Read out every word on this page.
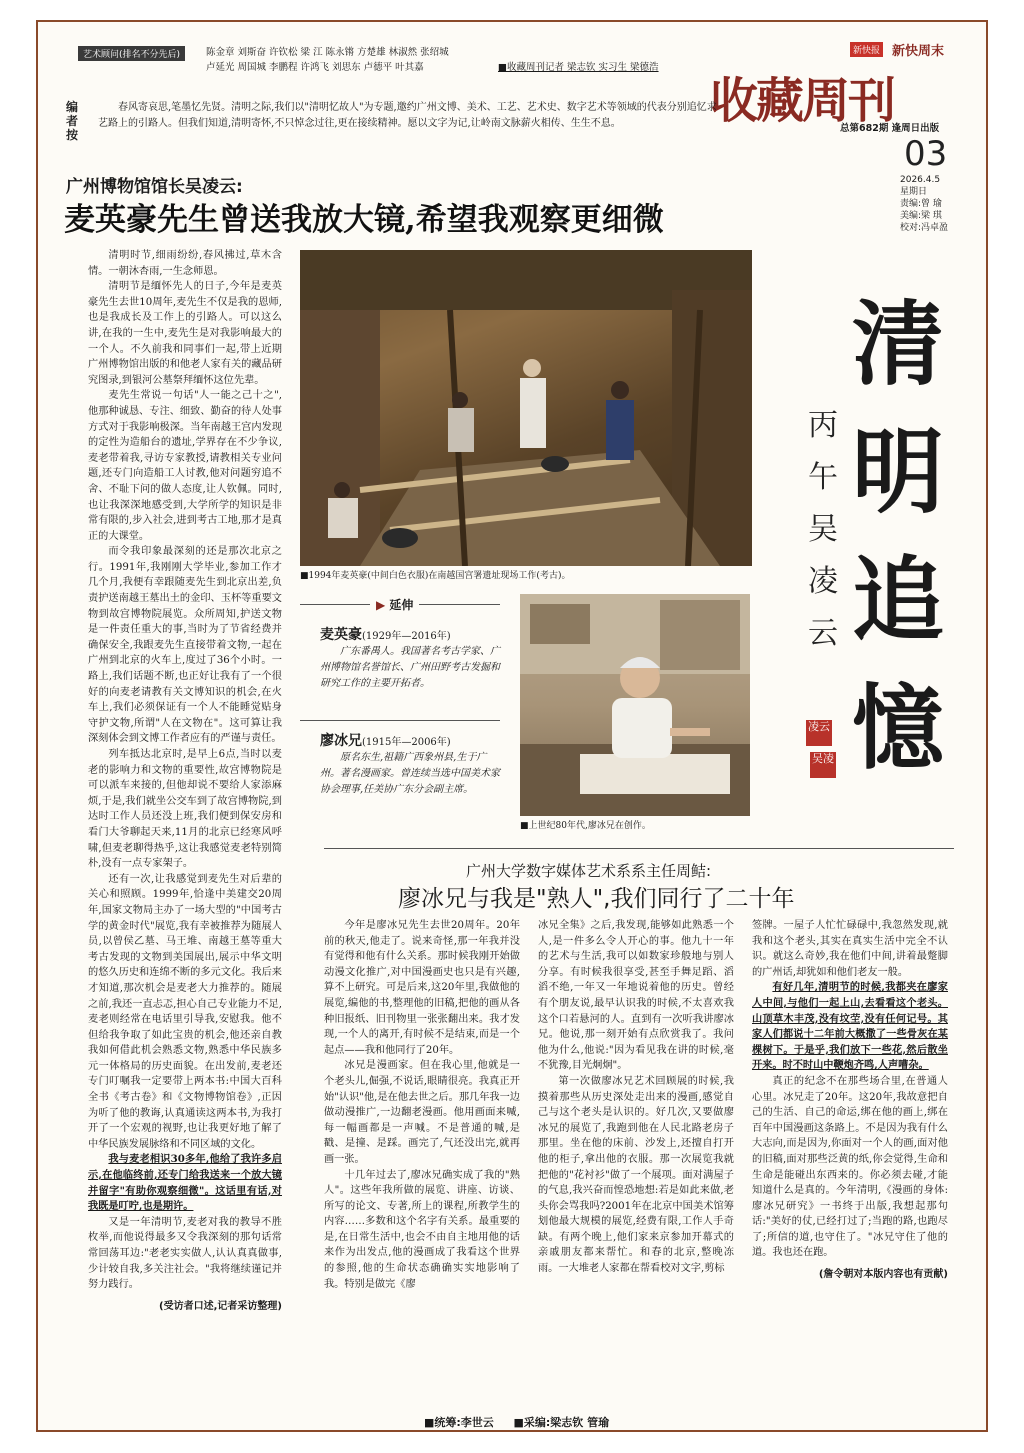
艺术顾问(排名不分先后)	陈金章 刘斯奋 许钦松 梁 江 陈永锵 方楚雄 林淑然 张绍城
卢延光 周国城 李鹏程 许鸿飞 刘思东 卢德平 叶其嘉	■收藏周刊记者 梁志钦 实习生 梁德浩
收藏周刊
新快报 新快周末
总第682期 逢周日出版
03
2026.4.5
星期日
责编:曾 瑜
美编:梁 琪
校对:冯卓盈
编者按
春风寄哀思,笔墨忆先贤。清明之际,我们以"清明忆故人"为专题,邀约广州文博、美术、工艺、艺术史、数字艺术等领域的代表分别追忆求艺路上的引路人。但我们知道,清明寄怀,不只悼念过往,更在接续精神。愿以文字为记,让岭南文脉薪火相传、生生不息。
广州博物馆馆长吴凌云:
麦英豪先生曾送我放大镜,希望我观察更细微

清明时节,细雨纷纷,春风拂过,草木含情。一朝沐杏雨,一生念师恩。

清明节是缅怀先人的日子,今年是麦英豪先生去世10周年,麦先生不仅是我的恩师,也是我成长及工作上的引路人。可以这么讲,在我的一生中,麦先生是对我影响最大的一个人。不久前我和同事们一起,带上近期广州博物馆出版的和他老人家有关的藏品研究图录,到银河公墓祭拜缅怀这位先辈。

麦先生常说一句话"人一能之己十之",他那种诚恳、专注、细致、勤奋的待人处事方式对于我影响极深。当年南越王宫内发现的定性为造船台的遗址,学界存在不少争议,麦老带着我,寻访专家教授,请教相关专业问题,还专门向造船工人讨教,他对问题穷追不舍、不耻下问的做人态度,让人钦佩。同时,也让我深深地感受到,大学所学的知识是非常有限的,步入社会,进到考古工地,那才是真正的大课堂。

而令我印象最深刻的还是那次北京之行。1991年,我刚刚大学毕业,参加工作才几个月,我便有幸跟随麦先生到北京出差,负责护送南越王墓出土的金印、玉杯等重要文物到故宫博物院展览。众所周知,护送文物是一件责任重大的事,当时为了节省经费并确保安全,我跟麦先生直接带着文物,一起在广州到北京的火车上,度过了36个小时。一路上,我们话题不断,也正好让我有了一个很好的向麦老请教有关文博知识的机会,在火车上,我们必须保证有一个人不能睡觉贴身守护文物,所谓"人在文物在"。这可算让我深刻体会到文博工作者应有的严谨与责任。

列车抵达北京时,是早上6点,当时以麦老的影响力和文物的重要性,故宫博物院是可以派车来接的,但他却说不要给人家添麻烦,于是,我们就坐公交车到了故宫博物院,到达时工作人员还没上班,我们便到保安房和看门大爷聊起天来,11月的北京已经寒风呼啸,但麦老聊得热乎,这让我感觉麦老特别简朴,没有一点专家架子。

还有一次,让我感觉到麦先生对后辈的关心和照顾。1999年,恰逢中美建交20周年,国家文物局主办了一场大型的"中国考古学的黄金时代"展览,我有幸被推荐为随展人员,以曾侯乙墓、马王堆、南越王墓等重大考古发现的文物到美国展出,展示中华文明的悠久历史和连绵不断的多元文化。我后来才知道,那次机会是麦老大力推荐的。随展之前,我还一直忐忑,担心自己专业能力不足,麦老则经常在电话里引导我,安慰我。他不但给我争取了如此宝贵的机会,他还亲自教我如何借此机会熟悉文物,熟悉中华民族多元一体格局的历史面貌。在出发前,麦老还专门叮嘱我一定要带上两本书:中国大百科全书《考古卷》和《文物博物馆卷》,正因为听了他的教诲,认真通读这两本书,为我打开了一个宏观的视野,也让我更好地了解了中华民族发展脉络和不同区域的文化。

我与麦老相识30多年,他给了我许多启示,在他临终前,还专门给我送来一个放大镜并留字"有助你观察细微"。这话里有话,对我既是叮咛,也是期许。

又是一年清明节,麦老对我的教导不胜枚举,而他说得最多又令我深刻的那句话常常回荡耳边:"老老实实做人,认认真真做事,少计较自我,多关注社会。"我将继续谨记并努力践行。

(受访者口述,记者采访整理)
■1994年麦英豪(中间白色衣服)在南越国宫署遗址现场工作(考古)。
▶ 延伸
麦英豪(1929年—2016年)
广东番禺人。我国著名考古学家、广州博物馆名誉馆长、广州田野考古发掘和研究工作的主要开拓者。
廖冰兄(1915年—2006年)
原名东生,祖籍广西象州县,生于广州。著名漫画家。曾连续当选中国美术家协会理事,任美协广东分会副主席。
■上世纪80年代,廖冰兄在创作。
清
明
追
憶
丙午吴凌云
凌云
吴凌
广州大学数字媒体艺术系系主任周鲒:
廖冰兄与我是"熟人",我们同行了二十年

今年是廖冰兄先生去世20周年。20年前的秋天,他走了。说来奇怪,那一年我并没有觉得和他有什么关系。那时候我刚开始做动漫文化推广,对中国漫画史也只是有兴趣,算不上研究。可是后来,这20年里,我做他的展览,编他的书,整理他的旧稿,把他的画从各种旧报纸、旧刊物里一张张翻出来。我才发现,一个人的离开,有时候不是结束,而是一个起点——我和他同行了20年。

冰兄是漫画家。但在我心里,他就是一个老头儿,倔强,不说话,眼睛很亮。我真正开始"认识"他,是在他去世之后。那几年我一边做动漫推广,一边翻老漫画。他用画面来喊,每一幅画都是一声喊。不是普通的喊,是戳、是撞、是踩。画完了,气还没出完,就再画一张。

十几年过去了,廖冰兄确实成了我的"熟人"。这些年我所做的展览、讲座、访谈、所写的论文、专著,所上的课程,所教学生的内容……多数和这个名字有关系。最重要的是,在日常生活中,也会不由自主地用他的话来作为出发点,他的漫画成了我看这个世界的参照,他的生命状态确确实实地影响了我。特别是做完《廖

冰兄全集》之后,我发现,能够如此熟悉一个人,是一件多么令人开心的事。他九十一年的艺术与生活,我可以如数家珍般地与别人分享。有时候我很享受,甚至手舞足蹈、滔滔不绝,一年又一年地说着他的历史。曾经有个朋友说,最早认识我的时候,不太喜欢我这个口若悬河的人。直到有一次听我讲廖冰兄。他说,那一刻开始有点欣赏我了。我问他为什么,他说:"因为看见我在讲的时候,毫不犹豫,目光炯炯"。

第一次做廖冰兄艺术回顾展的时候,我摸着那些从历史深处走出来的漫画,感觉自己与这个老头是认识的。好几次,又要做廖冰兄的展览了,我跑到他在人民北路老房子那里。坐在他的床前、沙发上,还擅自打开他的柜子,拿出他的衣服。那一次展览我就把他的"花衬衫"做了一个展项。面对满屋子的气息,我兴奋而惶恐地想:若是如此来做,老头你会骂我吗?2001年在北京中国美术馆筹划他最大规模的展览,经费有限,工作人手奇缺。有两个晚上,他们家来京参加开幕式的亲戚朋友都来帮忙。和春的北京,整晚冻雨。一大堆老人家都在帮看校对文字,剪标

签牌。一屋子人忙忙碌碌中,我忽然发现,就我和这个老头,其实在真实生活中完全不认识。就这么奇妙,我在他们中间,讲着最蹩脚的广州话,却犹如和他们老友一般。

有好几年,清明节的时候,我都夹在廖家人中间,与他们一起上山,去看看这个老头。山顶草木丰茂,没有坟茔,没有任何记号。其家人们都说十二年前大概撒了一些骨灰在某棵树下。于是乎,我们放下一些花,然后散坐开来。时不时山中鞭炮齐鸣,人声嘈杂。

真正的纪念不在那些场合里,在普通人心里。冰兄走了20年。这20年,我故意把自己的生活、自己的命运,绑在他的画上,绑在百年中国漫画这条路上。不是因为我有什么大志向,而是因为,你面对一个人的画,面对他的旧稿,面对那些泛黄的纸,你会觉得,生命和生命是能碰出东西来的。你必须去碰,才能知道什么是真的。今年清明,《漫画的身体:廖冰兄研究》一书终于出版,我想起那句话:"美好的仗,已经打过了;当跑的路,也跑尽了;所信的道,也守住了。"冰兄守住了他的道。我也还在跑。

(詹令朝对本版内容也有贡献)
■统筹:李世云 ■采编:梁志钦 管瑜
